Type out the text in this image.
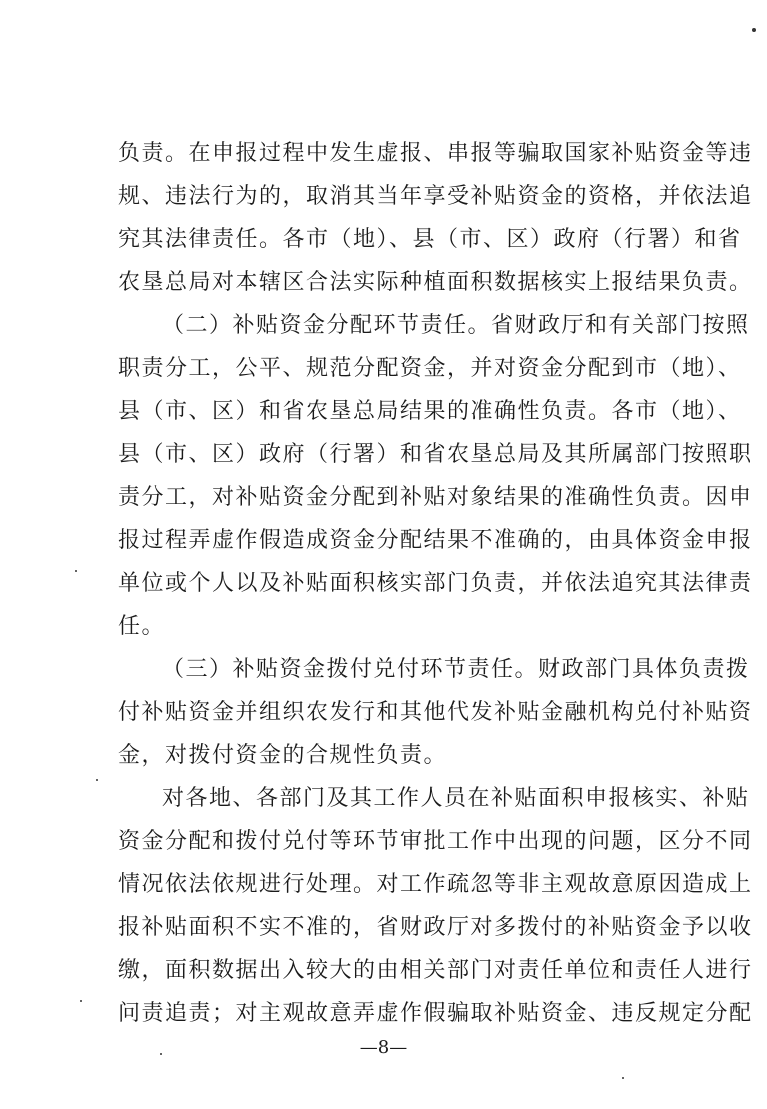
负责。在申报过程中发生虚报、串报等骗取国家补贴资金等违
规、违法行为的，取消其当年享受补贴资金的资格，并依法追
究其法律责任。各市（地）、县（市、区）政府（行署）和省
农垦总局对本辖区合法实际种植面积数据核实上报结果负责。
（二）补贴资金分配环节责任。省财政厅和有关部门按照
职责分工，公平、规范分配资金，并对资金分配到市（地）、
县（市、区）和省农垦总局结果的准确性负责。各市（地）、
县（市、区）政府（行署）和省农垦总局及其所属部门按照职
责分工，对补贴资金分配到补贴对象结果的准确性负责。因申
报过程弄虚作假造成资金分配结果不准确的，由具体资金申报
单位或个人以及补贴面积核实部门负责，并依法追究其法律责
任。
（三）补贴资金拨付兑付环节责任。财政部门具体负责拨
付补贴资金并组织农发行和其他代发补贴金融机构兑付补贴资
金，对拨付资金的合规性负责。
对各地、各部门及其工作人员在补贴面积申报核实、补贴
资金分配和拨付兑付等环节审批工作中出现的问题，区分不同
情况依法依规进行处理。对工作疏忽等非主观故意原因造成上
报补贴面积不实不准的，省财政厅对多拨付的补贴资金予以收
缴，面积数据出入较大的由相关部门对责任单位和责任人进行
问责追责；对主观故意弄虚作假骗取补贴资金、违反规定分配
—8—
